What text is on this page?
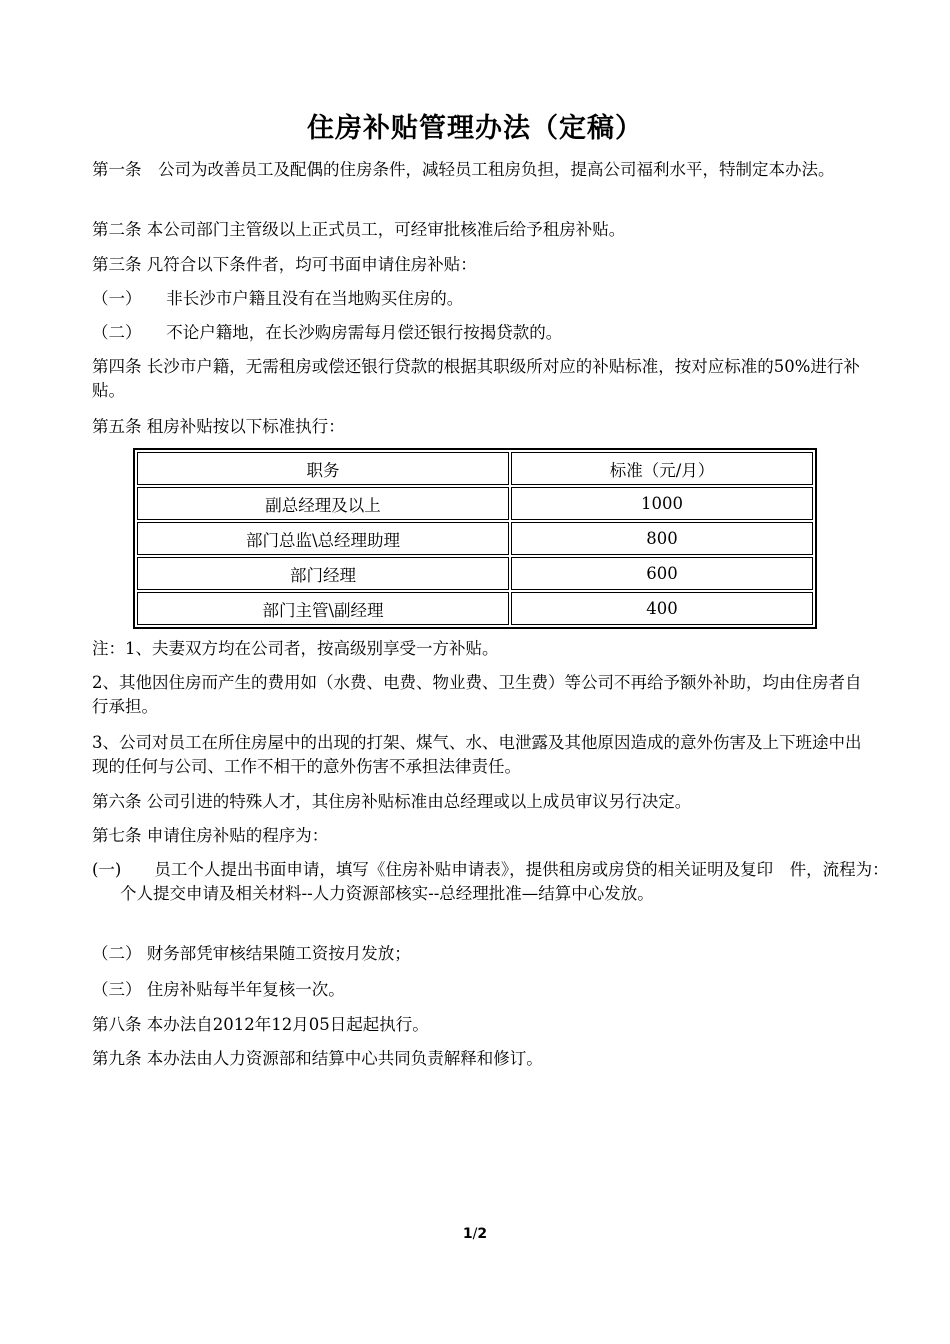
住房补贴管理办法（定稿）
第一条　公司为改善员工及配偶的住房条件，减轻员工租房负担，提高公司福利水平，特制定本办法。
第二条 本公司部门主管级以上正式员工，可经审批核准后给予租房补贴。
第三条 凡符合以下条件者，均可书面申请住房补贴：
（一）　　非长沙市户籍且没有在当地购买住房的。
（二）　　不论户籍地，在长沙购房需每月偿还银行按揭贷款的。
第四条 长沙市户籍，无需租房或偿还银行贷款的根据其职级所对应的补贴标准，按对应标准的50%进行补贴。
第五条 租房补贴按以下标准执行：
职务	标准（元/月）
副总经理及以上	1000
部门总监\总经理助理	800
部门经理	600
部门主管\副经理	400
注：1、夫妻双方均在公司者，按高级别享受一方补贴。
2、其他因住房而产生的费用如（水费、电费、物业费、卫生费）等公司不再给予额外补助，均由住房者自行承担。
3、公司对员工在所住房屋中的出现的打架、煤气、水、电泄露及其他原因造成的意外伤害及上下班途中出现的任何与公司、工作不相干的意外伤害不承担法律责任。
第六条 公司引进的特殊人才，其住房补贴标准由总经理或以上成员审议另行决定。
第七条 申请住房补贴的程序为：
(一)　　员工个人提出书面申请，填写《住房补贴申请表》，提供租房或房贷的相关证明及复印　件，流程为：个人提交申请及相关材料--人力资源部核实--总经理批准—结算中心发放。
（二） 财务部凭审核结果随工资按月发放；
（三） 住房补贴每半年复核一次。
第八条 本办法自2012年12月05日起起执行。
第九条 本办法由人力资源部和结算中心共同负责解释和修订。
1/2
